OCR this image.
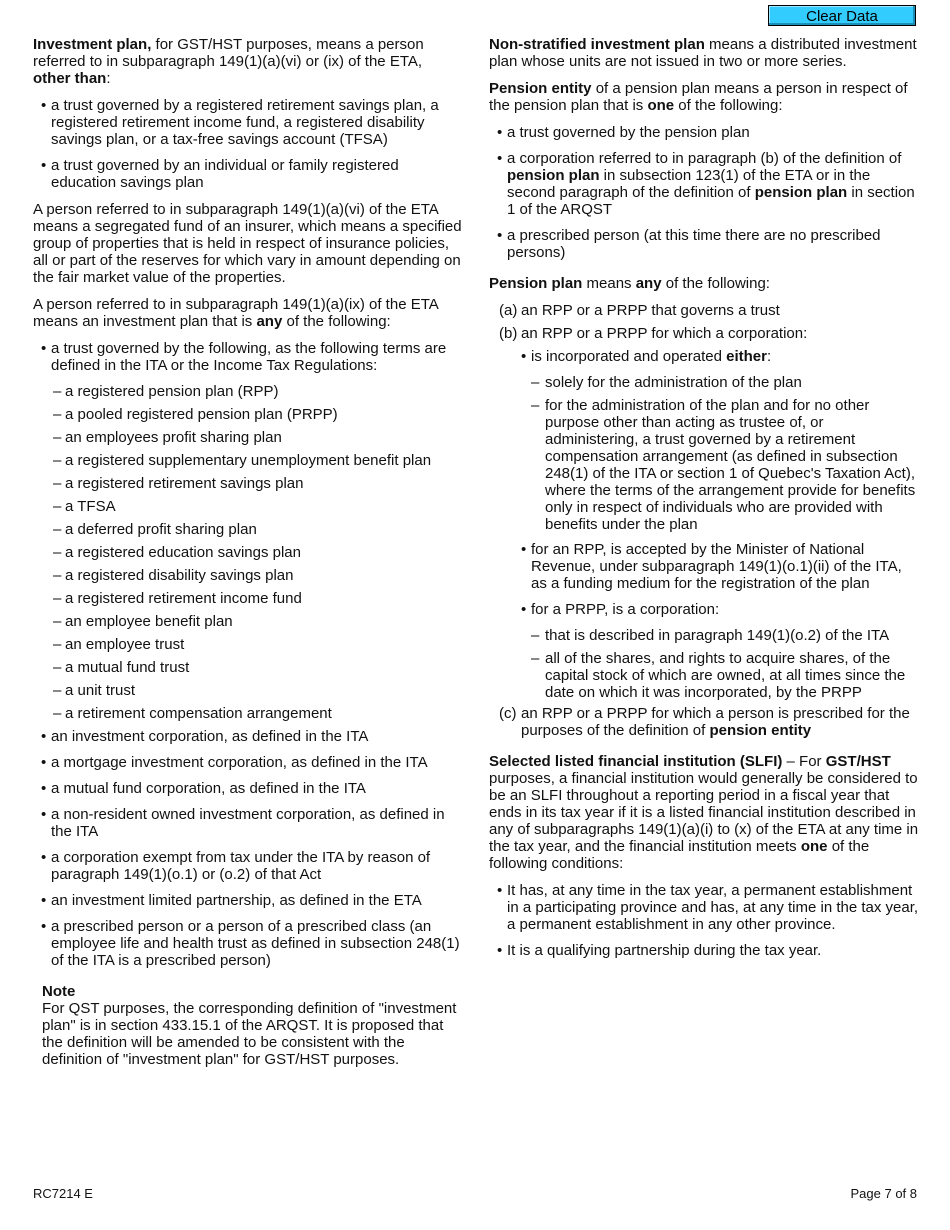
Clear Data

Investment plan, for GST/HST purposes, means a person referred to in subparagraph 149(1)(a)(vi) or (ix) of the ETA, other than:

• a trust governed by a registered retirement savings plan, a registered retirement income fund, a registered disability savings plan, or a tax-free savings account (TFSA)
• a trust governed by an individual or family registered education savings plan

A person referred to in subparagraph 149(1)(a)(vi) of the ETA means a segregated fund of an insurer, which means a specified group of properties that is held in respect of insurance policies, all or part of the reserves for which vary in amount depending on the fair market value of the properties.

A person referred to in subparagraph 149(1)(a)(ix) of the ETA means an investment plan that is any of the following:

• a trust governed by the following, as the following terms are defined in the ITA or the Income Tax Regulations:
– a registered pension plan (RPP)
– a pooled registered pension plan (PRPP)
– an employees profit sharing plan
– a registered supplementary unemployment benefit plan
– a registered retirement savings plan
– a TFSA
– a deferred profit sharing plan
– a registered education savings plan
– a registered disability savings plan
– a registered retirement income fund
– an employee benefit plan
– an employee trust
– a mutual fund trust
– a unit trust
– a retirement compensation arrangement
• an investment corporation, as defined in the ITA
• a mortgage investment corporation, as defined in the ITA
• a mutual fund corporation, as defined in the ITA
• a non-resident owned investment corporation, as defined in the ITA
• a corporation exempt from tax under the ITA by reason of paragraph 149(1)(o.1) or (o.2) of that Act
• an investment limited partnership, as defined in the ETA
• a prescribed person or a person of a prescribed class (an employee life and health trust as defined in subsection 248(1) of the ITA is a prescribed person)
Note
For QST purposes, the corresponding definition of "investment plan" is in section 433.15.1 of the ARQST. It is proposed that the definition will be amended to be consistent with the definition of "investment plan" for GST/HST purposes.

Non-stratified investment plan means a distributed investment plan whose units are not issued in two or more series.

Pension entity of a pension plan means a person in respect of the pension plan that is one of the following:

• a trust governed by the pension plan
• a corporation referred to in paragraph (b) of the definition of pension plan in subsection 123(1) of the ETA or in the second paragraph of the definition of pension plan in section 1 of the ARQST
• a prescribed person (at this time there are no prescribed persons)

Pension plan means any of the following:

(a) an RPP or a PRPP that governs a trust
(b) an RPP or a PRPP for which a corporation:
• is incorporated and operated either:
– solely for the administration of the plan
– for the administration of the plan and for no other purpose other than acting as trustee of, or administering, a trust governed by a retirement compensation arrangement (as defined in subsection 248(1) of the ITA or section 1 of Quebec's Taxation Act), where the terms of the arrangement provide for benefits only in respect of individuals who are provided with benefits under the plan
• for an RPP, is accepted by the Minister of National Revenue, under subparagraph 149(1)(o.1)(ii) of the ITA, as a funding medium for the registration of the plan
• for a PRPP, is a corporation:
– that is described in paragraph 149(1)(o.2) of the ITA
– all of the shares, and rights to acquire shares, of the capital stock of which are owned, at all times since the date on which it was incorporated, by the PRPP
(c) an RPP or a PRPP for which a person is prescribed for the purposes of the definition of pension entity

Selected listed financial institution (SLFI) – For GST/HST purposes, a financial institution would generally be considered to be an SLFI throughout a reporting period in a fiscal year that ends in its tax year if it is a listed financial institution described in any of subparagraphs 149(1)(a)(i) to (x) of the ETA at any time in the tax year, and the financial institution meets one of the following conditions:

• It has, at any time in the tax year, a permanent establishment in a participating province and has, at any time in the tax year, a permanent establishment in any other province.
• It is a qualifying partnership during the tax year.
RC7214 E	Page 7 of 8
